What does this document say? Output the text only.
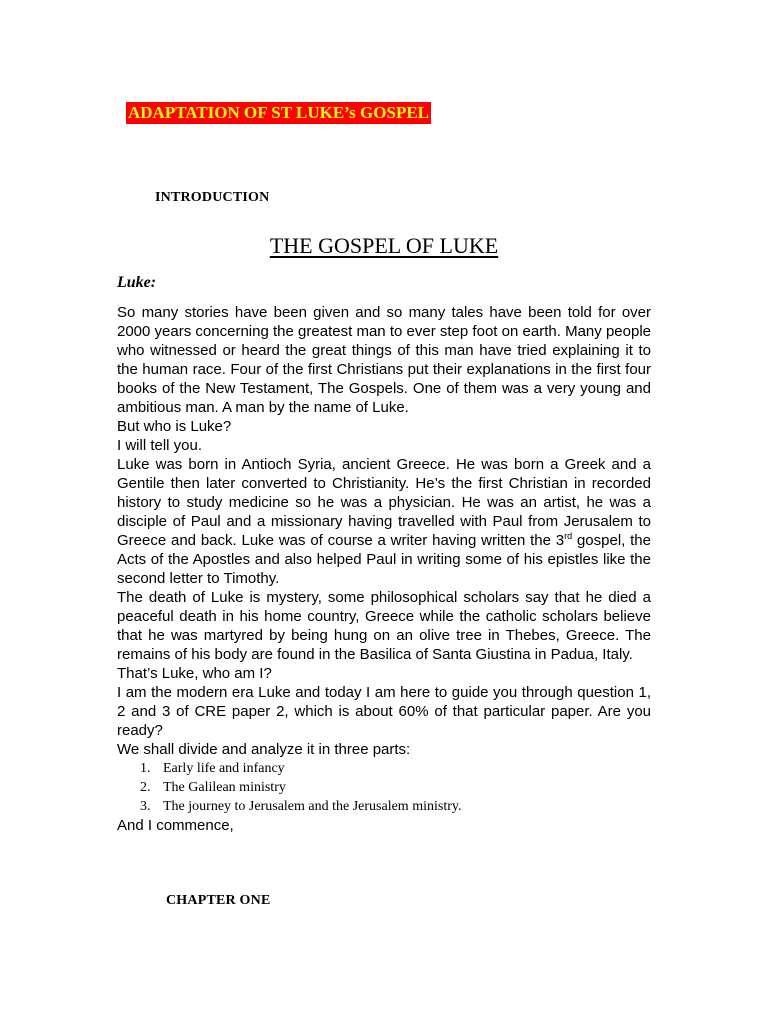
ADAPTATION OF ST LUKE’s GOSPEL
INTRODUCTION
THE GOSPEL OF LUKE
Luke:

So many stories have been given and so many tales have been told for over 2000 years concerning the greatest man to ever step foot on earth. Many people who witnessed or heard the great things of this man have tried explaining it to the human race. Four of the first Christians put their explanations in the first four books of the New Testament, The Gospels. One of them was a very young and ambitious man. A man by the name of Luke.

But who is Luke?

I will tell you.

Luke was born in Antioch Syria, ancient Greece. He was born a Greek and a Gentile then later converted to Christianity. He’s the first Christian in recorded history to study medicine so he was a physician. He was an artist, he was a disciple of Paul and a missionary having travelled with Paul from Jerusalem to Greece and back. Luke was of course a writer having written the 3rd gospel, the Acts of the Apostles and also helped Paul in writing some of his epistles like the second letter to Timothy.

The death of Luke is mystery, some philosophical scholars say that he died a peaceful death in his home country, Greece while the catholic scholars believe that he was martyred by being hung on an olive tree in Thebes, Greece. The remains of his body are found in the Basilica of Santa Giustina in Padua, Italy.

That’s Luke, who am I?

I am the modern era Luke and today I am here to guide you through question 1, 2 and 3 of CRE paper 2, which is about 60% of that particular paper. Are you ready?

We shall divide and analyze it in three parts:

1. Early life and infancy
2. The Galilean ministry
3. The journey to Jerusalem and the Jerusalem ministry.

And I commence,

CHAPTER ONE
